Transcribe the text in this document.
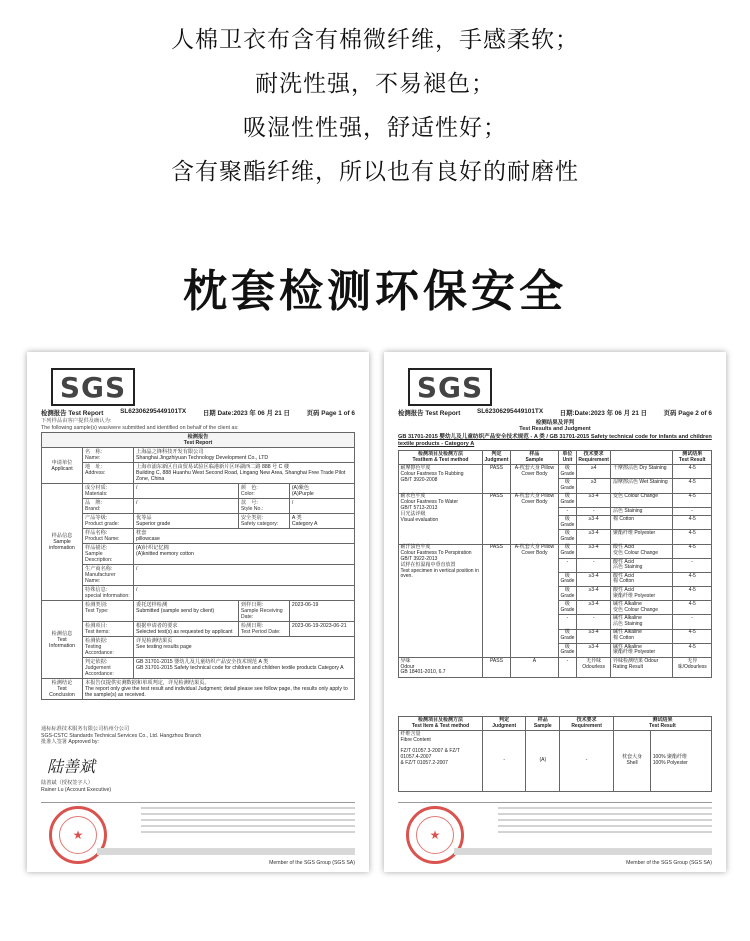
人棉卫衣布含有棉微纤维，手感柔软；
耐洗性强，不易褪色；
吸湿性性强，舒适性好；
含有聚酯纤维，所以也有良好的耐磨性
枕套检测环保安全
SGS
检测报告 Test Report	SL62306295449101TX	日期 Date:2023 年 06 月 21 日	页码 Page 1 of 6
下列样品由客户提供及确认为:
The following sample(s) was/were submitted and identified on behalf of the client as:
检测报告
Test Report				
申请单位
Applicant	名　称:
Name:	上海晶之锋科技开发有限公司
Shanghai Jingzhiyuan Technology Development Co., LTD		
	地　址:
Address:	上海市浦东新区自由贸易试验区临港新片区环湖西二路 888 号 C 楼
Building C, 888 Huanhu West Second Road, Lingang New Area, Shanghai Free Trade Pilot Zone, China		
样品信息
Sample
information	成分材质:
Materials:	/	颜　色:
Color:	(A)紫色
(A)Purple
	品　牌:
Brand:	/	款　号:
Style No.:	/
	产品等级:
Product grade:	优等品
Superior grade	安全类别:
Safety category:	A 类
Category A
	样品名称:
Product Name:	枕套
pillowcase		
	样品描述:
Sample Description:	(A)针织记忆棉
(A)knitted memory cotton		
	生产商名称:
Manufacturer Name:	/		
	特殊信息:
special information:	/		
检测信息
Test
Information	检测类别:
Test Type:	委托送样检测
Submitted (sample send by client)	到样日期:
Sample Receiving Date:	2023-06-19
	检测项目:
Test items:	根据申请者的要求
Selected test(s) as requested by applicant	检测日期:
Test Period Date:	2023-06-19-2023-06-21
	检测依据:
Testing Accordance:	详见检测结果页
See testing results page		
	判定依据:
Judgement Accordance:	GB 31701-2015 婴幼儿及儿童纺织产品安全技术规范 A 类
GB 31701-2015 Safety technical code for children and children textile products Category A		
检测结论
Test
Conclusion	本报告仅提供实测数据和单项判定，详见检测结果页。
The report only give the test result and individual Judgment; detail please see follow page, the results only apply to the sample(s) as received.			
通标标准技术服务有限公司杭州分公司
SGS-CSTC Standards Technical Services Co., Ltd. Hangzhou Branch
批准人签署 Approved by:
陆善斌
陆善斌（授权签字人）
Rainer Lu (Account Executive)
★
Member of the SGS Group (SGS SA)
SGS
检测报告 Test Report	SL62306295449101TX	日期:Date:2023 年 06 月 21 日	页码 Page 2 of 6
检测结果及评判
Test Results and Judgment
GB 31701-2015 婴幼儿及儿童纺织产品安全技术规范 - A 类 / GB 31701-2015 Safety technical code for infants and children textile products - Category A
检测项目及检测方法
TestItem & Test method	判定
Judgment	样品
Sample	单位
Unit	技术要求
Requirement		测试结果
Test Result
耐摩擦色牢度
Colour Fastness To Rubbing
GB/T 3920-2008	PASS	A-枕套大身 Pillow Cover Body	级
Grade	≥4	干摩擦沾色 Dry Staining	4-5
			级
Grade	≥3	湿摩擦沾色 Wet Staining	4-5
耐水色牢度
Colour Fastness To Water
GB/T 5713-2013
目光法评级
Visual evaluation	PASS	A-枕套大身 Pillow Cover Body	级
Grade	≥3-4	变色 Colour Change	4-5
			-	-	沾色 Staining	-
			级
Grade	≥3-4	棉 Cotton	4-5
			级
Grade	≥3-4	聚酯纤维 Polyester	4-5
耐汗渍色牢度
Colour Fastness To Perspiration
GB/T 3922-2013
试样在恒温箱中垂直放置
Test specimen in vertical position in oven.	PASS	A-枕套大身 Pillow Cover Body	级
Grade	≥3-4	酸性 Acid
变色 Colour Change	4-5
			-	-	酸性 Acid
沾色 Staining	-
			级
Grade	≥3-4	酸性 Acid
棉 Cotton	4-5
			级
Grade	≥3-4	酸性 Acid
聚酯纤维 Polyester	4-5
			级
Grade	≥3-4	碱性 Alkaline
变色 Colour Change	4-5
			-	-	碱性 Alkaline
沾色 Staining	-
			级
Grade	≥3-4	碱性 Alkaline
棉 Cotton	4-5
			级
Grade	≥3-4	碱性 Alkaline
聚酯纤维 Polyester	4-5
异味
Odour
GB 18401-2010, 6.7	PASS	A	-	无异味
Odourless	异味检测结果 Odour Rating Result	无异味/Odourless
检测项目及检测方法
Test Item & Test method	判定
Judgment	样品
Sample	技术要求
Requirement	测试结果
Test Result	
纤维含量
Fibre Content

FZ/T 01057.3-2007 & FZ/T 01057.4-2007
& FZ/T 01057.2-2007	-	(A)	-	枕套大身
Shell	100% 聚酯纤维
100% Polyester
★
Member of the SGS Group (SGS SA)
